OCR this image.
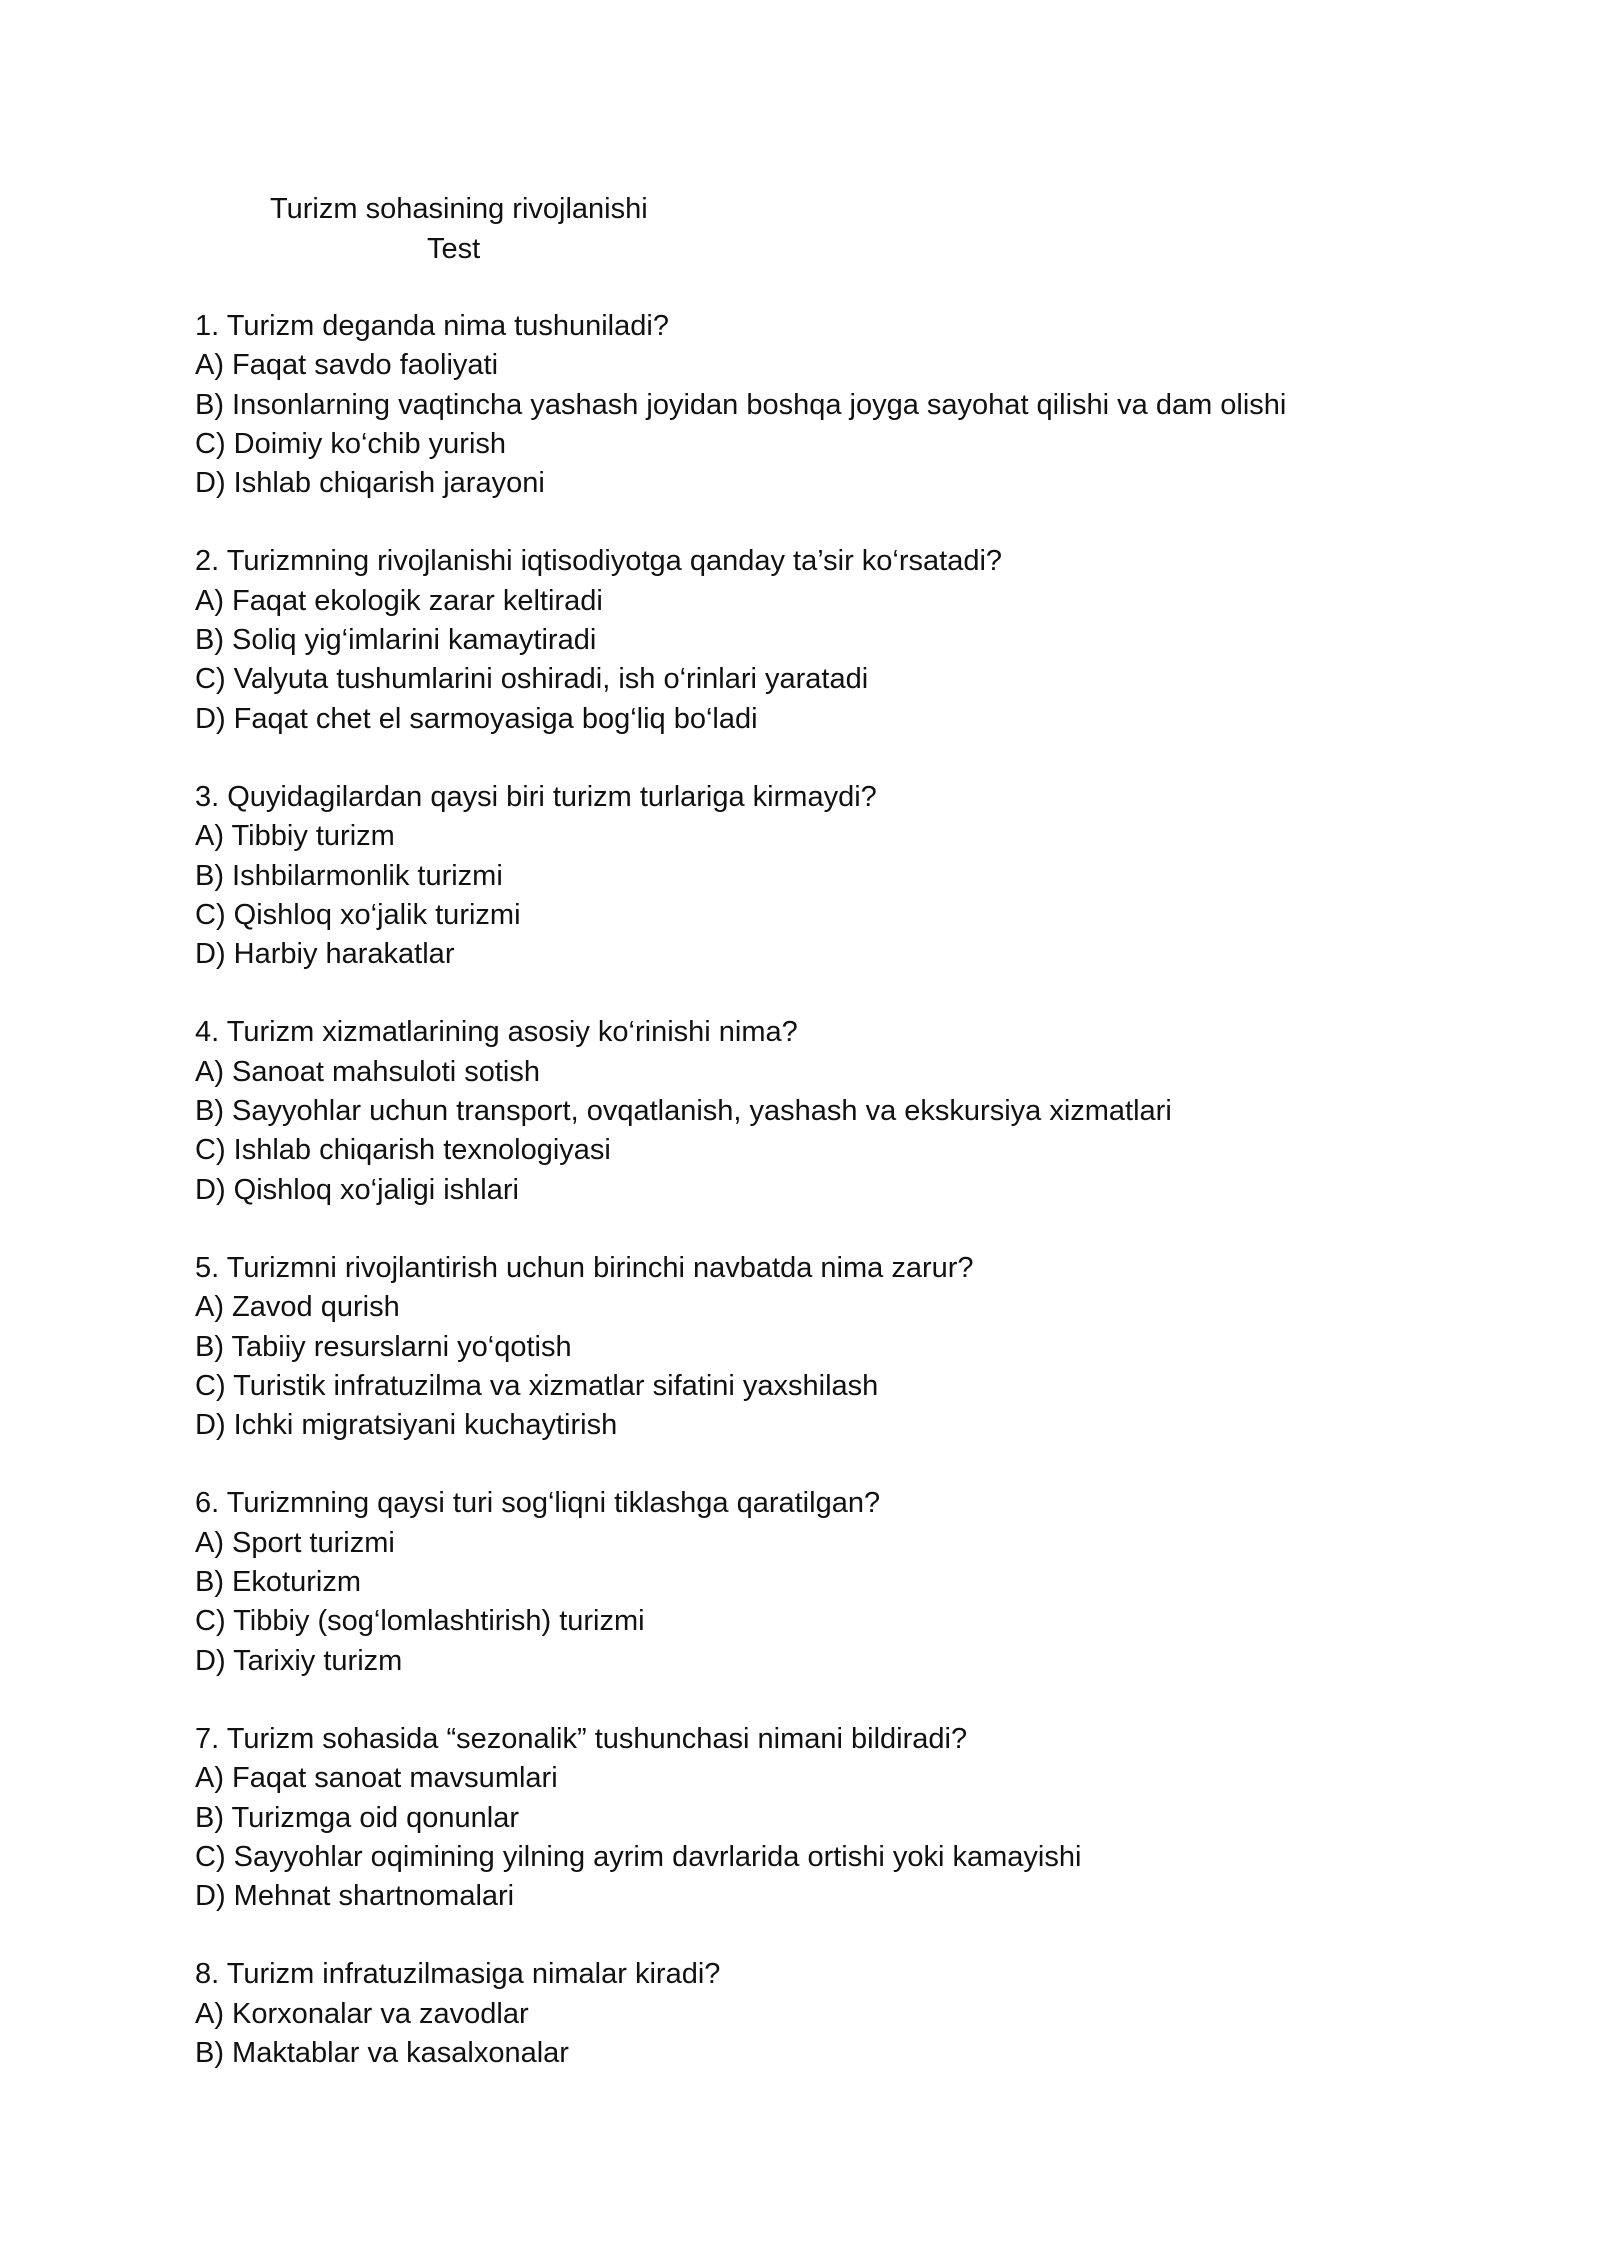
Turizm sohasining rivojlanishi
Test
1. Turizm deganda nima tushuniladi?
A) Faqat savdo faoliyati
B) Insonlarning vaqtincha yashash joyidan boshqa joyga sayohat qilishi va dam olishi
C) Doimiy ko‘chib yurish
D) Ishlab chiqarish jarayoni
2. Turizmning rivojlanishi iqtisodiyotga qanday ta’sir ko‘rsatadi?
A) Faqat ekologik zarar keltiradi
B) Soliq yig‘imlarini kamaytiradi
C) Valyuta tushumlarini oshiradi, ish o‘rinlari yaratadi
D) Faqat chet el sarmoyasiga bog‘liq bo‘ladi
3. Quyidagilardan qaysi biri turizm turlariga kirmaydi?
A) Tibbiy turizm
B) Ishbilarmonlik turizmi
C) Qishloq xo‘jalik turizmi
D) Harbiy harakatlar
4. Turizm xizmatlarining asosiy ko‘rinishi nima?
A) Sanoat mahsuloti sotish
B) Sayyohlar uchun transport, ovqatlanish, yashash va ekskursiya xizmatlari
C) Ishlab chiqarish texnologiyasi
D) Qishloq xo‘jaligi ishlari
5. Turizmni rivojlantirish uchun birinchi navbatda nima zarur?
A) Zavod qurish
B) Tabiiy resurslarni yo‘qotish
C) Turistik infratuzilma va xizmatlar sifatini yaxshilash
D) Ichki migratsiyani kuchaytirish
6. Turizmning qaysi turi sog‘liqni tiklashga qaratilgan?
A) Sport turizmi
B) Ekoturizm
C) Tibbiy (sog‘lomlashtirish) turizmi
D) Tarixiy turizm
7. Turizm sohasida “sezonalik” tushunchasi nimani bildiradi?
A) Faqat sanoat mavsumlari
B) Turizmga oid qonunlar
C) Sayyohlar oqimining yilning ayrim davrlarida ortishi yoki kamayishi
D) Mehnat shartnomalari
8. Turizm infratuzilmasiga nimalar kiradi?
A) Korxonalar va zavodlar
B) Maktablar va kasalxonalar
